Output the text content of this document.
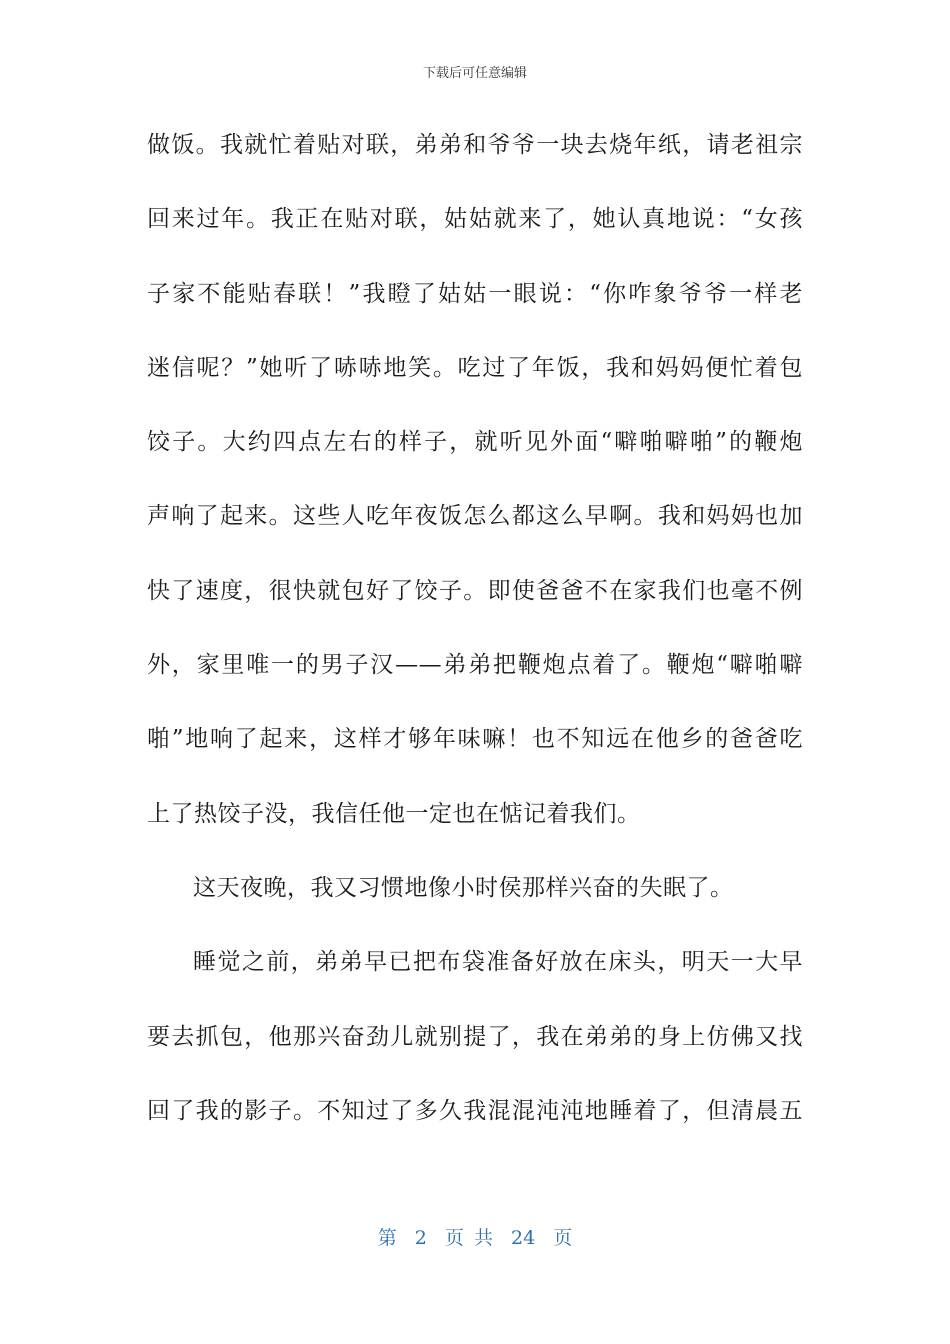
下载后可任意编辑
做饭。我就忙着贴对联，弟弟和爷爷一块去烧年纸，请老祖宗
回来过年。我正在贴对联，姑姑就来了，她认真地说：“女孩
子家不能贴春联！”我瞪了姑姑一眼说：“你咋象爷爷一样老
迷信呢？”她听了哧哧地笑。吃过了年饭，我和妈妈便忙着包
饺子。大约四点左右的样子，就听见外面“噼啪噼啪”的鞭炮
声响了起来。这些人吃年夜饭怎么都这么早啊。我和妈妈也加
快了速度，很快就包好了饺子。即使爸爸不在家我们也毫不例
外，家里唯一的男子汉——弟弟把鞭炮点着了。鞭炮“噼啪噼
啪”地响了起来，这样才够年味嘛！也不知远在他乡的爸爸吃
上了热饺子没，我信任他一定也在惦记着我们。
这天夜晚，我又习惯地像小时侯那样兴奋的失眠了。
睡觉之前，弟弟早已把布袋准备好放在床头，明天一大早
要去抓包，他那兴奋劲儿就别提了，我在弟弟的身上仿佛又找
回了我的影子。不知过了多久我混混沌沌地睡着了，但清晨五
第 2 页 共 24 页
